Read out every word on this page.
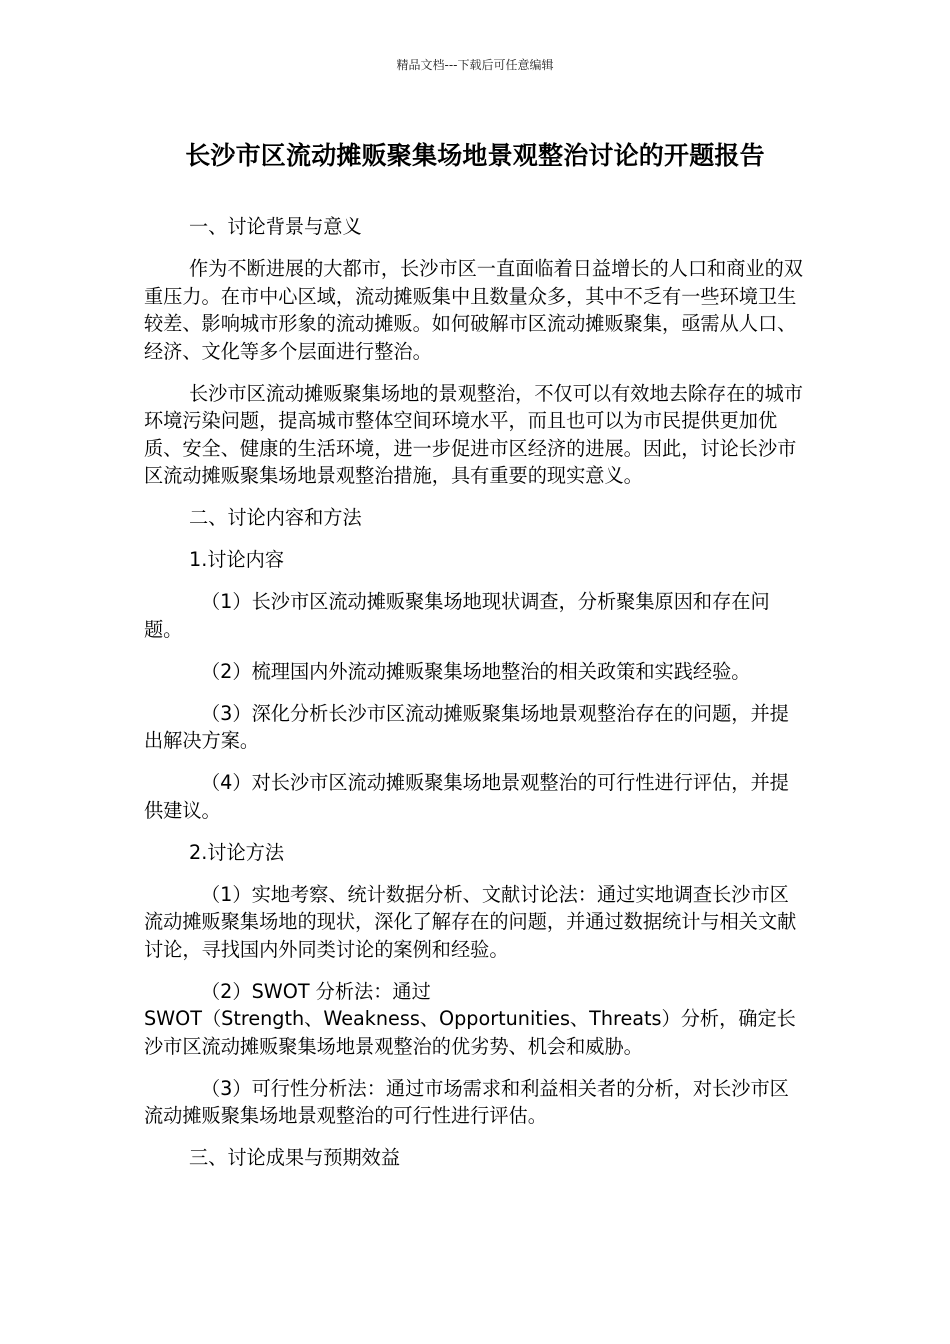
精品文档---下载后可任意编辑
长沙市区流动摊贩聚集场地景观整治讨论的开题报告

一、讨论背景与意义

作为不断进展的大都市，长沙市区一直面临着日益增长的人口和商业的双重压力。在市中心区域，流动摊贩集中且数量众多，其中不乏有一些环境卫生较差、影响城市形象的流动摊贩。如何破解市区流动摊贩聚集，亟需从人口、经济、文化等多个层面进行整治。

长沙市区流动摊贩聚集场地的景观整治，不仅可以有效地去除存在的城市环境污染问题，提高城市整体空间环境水平，而且也可以为市民提供更加优质、安全、健康的生活环境，进一步促进市区经济的进展。因此，讨论长沙市区流动摊贩聚集场地景观整治措施，具有重要的现实意义。

二、讨论内容和方法

1.讨论内容

（1）长沙市区流动摊贩聚集场地现状调查，分析聚集原因和存在问题。

（2）梳理国内外流动摊贩聚集场地整治的相关政策和实践经验。

（3）深化分析长沙市区流动摊贩聚集场地景观整治存在的问题，并提出解决方案。

（4）对长沙市区流动摊贩聚集场地景观整治的可行性进行评估，并提供建议。

2.讨论方法

（1）实地考察、统计数据分析、文献讨论法：通过实地调查长沙市区流动摊贩聚集场地的现状，深化了解存在的问题，并通过数据统计与相关文献讨论，寻找国内外同类讨论的案例和经验。

（2）SWOT 分析法：通过
SWOT（Strength、Weakness、Opportunities、Threats）分析，确定长沙市区流动摊贩聚集场地景观整治的优劣势、机会和威胁。

（3）可行性分析法：通过市场需求和利益相关者的分析，对长沙市区流动摊贩聚集场地景观整治的可行性进行评估。

三、讨论成果与预期效益
